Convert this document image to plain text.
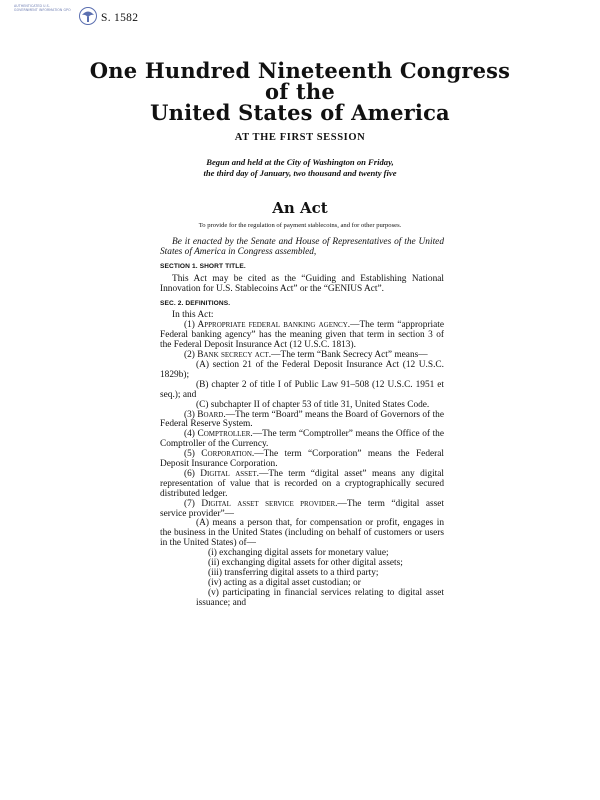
AUTHENTICATED U.S. GOVERNMENT INFORMATION GPO
S. 1582
One Hundred Nineteenth Congress
of the
United States of America
AT THE FIRST SESSION
Begun and held at the City of Washington on Friday,
the third day of January, two thousand and twenty five
An Act
To provide for the regulation of payment stablecoins, and for other purposes.

Be it enacted by the Senate and House of Representatives of the United States of America in Congress assembled,

SECTION 1. SHORT TITLE.

This Act may be cited as the “Guiding and Establishing National Innovation for U.S. Stablecoins Act” or the “GENIUS Act”.

SEC. 2. DEFINITIONS.

In this Act:

(1) Appropriate federal banking agency.—The term “appropriate Federal banking agency” has the meaning given that term in section 3 of the Federal Deposit Insurance Act (12 U.S.C. 1813).

(2) Bank secrecy act.—The term “Bank Secrecy Act” means—

(A) section 21 of the Federal Deposit Insurance Act (12 U.S.C. 1829b);

(B) chapter 2 of title I of Public Law 91–508 (12 U.S.C. 1951 et seq.); and

(C) subchapter II of chapter 53 of title 31, United States Code.

(3) Board.—The term “Board” means the Board of Governors of the Federal Reserve System.

(4) Comptroller.—The term “Comptroller” means the Office of the Comptroller of the Currency.

(5) Corporation.—The term “Corporation” means the Federal Deposit Insurance Corporation.

(6) Digital asset.—The term “digital asset” means any digital representation of value that is recorded on a cryptographically secured distributed ledger.

(7) Digital asset service provider.—The term “digital asset service provider”—

(A) means a person that, for compensation or profit, engages in the business in the United States (including on behalf of customers or users in the United States) of—

(i) exchanging digital assets for monetary value;

(ii) exchanging digital assets for other digital assets;

(iii) transferring digital assets to a third party;

(iv) acting as a digital asset custodian; or

(v) participating in financial services relating to digital asset issuance; and
